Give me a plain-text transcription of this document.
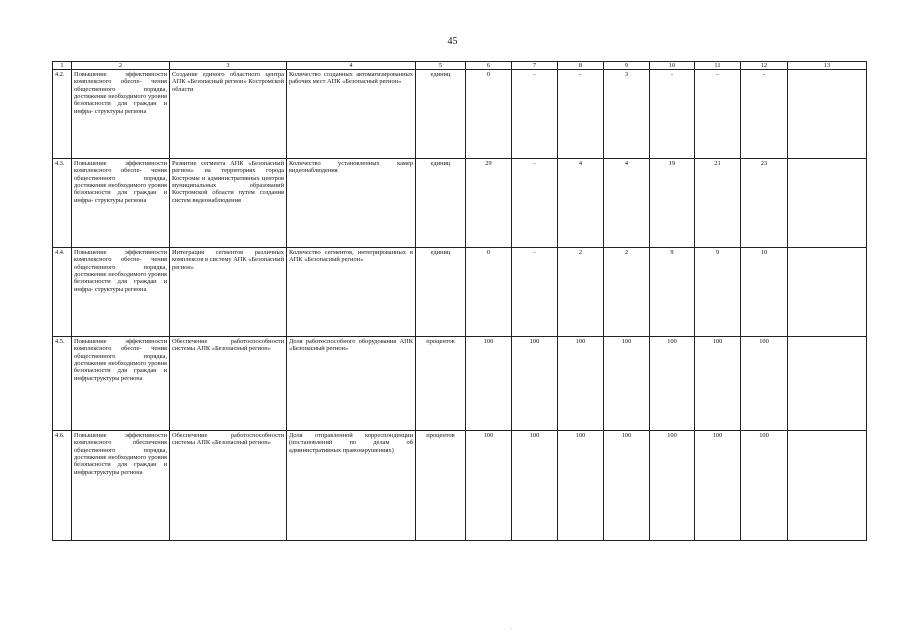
45
1	2	3	4	5	6	7	8	9	10	11	12	13
4.2.	Повышение эффективности комплексного обеспе- чения общественного порядка, достижение необходимого уровня безопасности для граждан и инфра- структуры региона	Создание единого областного центра АПК «Безопасный регион» Костромской области	Количество созданных автоматизированных рабочих мест АПК «Безопасный регион»	единиц	0	-	-	3	-	-	-	
4.3.	Повышение эффективности комплексного обеспе- чения общественного порядка, достижение необходимого уровня безопасности для граждан и инфра- структуры региона	Развитие сегмента АПК «Безопасный регион» на территориях города Костромы и административных центров муниципальных образований Костромской области путем создания систем видеонаблюдения	Количество установленных камер видеонаблюдения	единиц	29	-	4	4	19	21	23	
4.4.	Повышение эффективности комплексного обеспе- чения общественного порядка, достижение необходимого уровня безопасности для граждан и инфра- структуры региона	Интеграция сегментов различных комплексов в систему АПК «Безопасный регион»	Количество сегментов, интегрированных в АПК «Безопасный регион»	единиц	0	-	2	2	9	9	10	
4.5.	Повышение эффективности комплексного обеспе- чения общественного порядка, достижение необходимого уровня безопасности для граждан и инфраструктуры региона	Обеспечение работоспособности системы АПК «Безопасный регион»	Доля работоспособного оборудования АПК «Безопасный регион»	процентов	100	100	100	100	100	100	100	
4.6.	Повышение эффективности комплексного обеспечения общественного порядка, достижение необходимого уровня безопасности для граждан и инфраструктуры региона	Обеспечение работоспособности системы АПК «Безопасный регион»	Доля отправленной корреспонденции (постановлений по делам об административных правонарушениях)	процентов	100	100	100	100	100	100	100	
.
